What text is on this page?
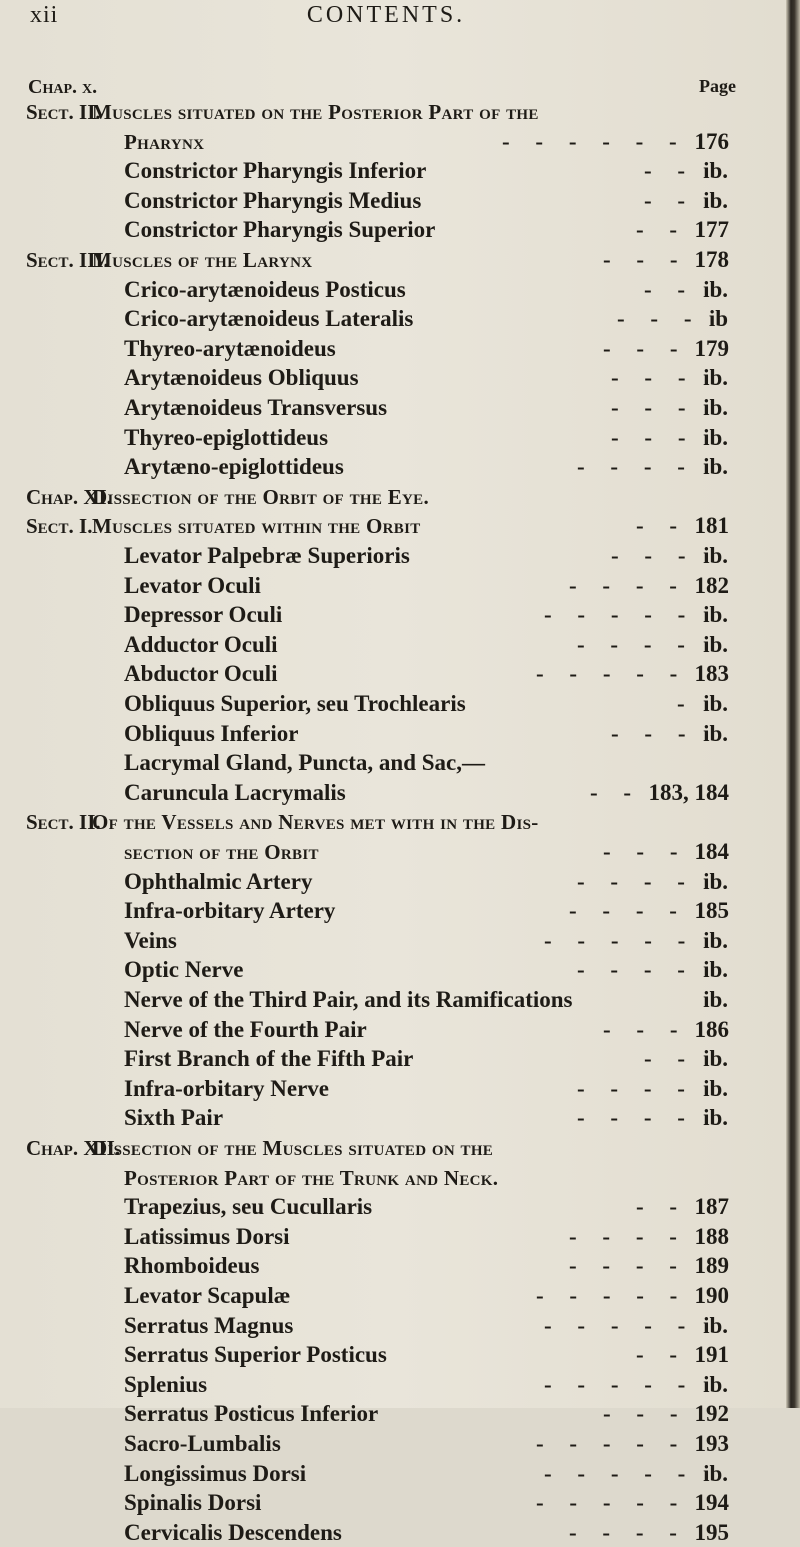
xii	CONTENTS.
Chap. x.	Page
Sect. II.
Muscles situated on the Posterior Part of the
Pharynx	176
- - - - - -
Constrictor Pharyngis Inferior	ib.
- -
Constrictor Pharyngis Medius	ib.
- -
Constrictor Pharyngis Superior	177
- -
Sect. III.
Muscles of the Larynx	178
- - -
Crico-arytænoideus Posticus	ib.
- -
Crico-arytænoideus Lateralis	ib
- - -
Thyreo-arytænoideus	179
- - -
Arytænoideus Obliquus	ib.
- - -
Arytænoideus Transversus	ib.
- - -
Thyreo-epiglottideus	ib.
- - -
Arytæno-epiglottideus	ib.
- - - -
Chap. XI.
Dissection of the Orbit of the Eye.
Sect. I. Muscles situated within the Orbit	181
- -
Levator Palpebræ Superioris	ib.
- - -
Levator Oculi	182
- - - -
Depressor Oculi	ib.
- - - - -
Adductor Oculi	ib.
- - - -
Abductor Oculi	183
- - - - -
Obliquus Superior, seu Trochlearis	ib.
-
Obliquus Inferior	ib.
- - -
Lacrymal Gland, Puncta, and Sac,—
Caruncula Lacrymalis	183, 184
- -
Sect. II.
Of the Vessels and Nerves met with in the Dis-
section of the Orbit	184
- - -
Ophthalmic Artery	ib.
- - - -
Infra-orbitary Artery	185
- - - -
Veins	ib.
- - - - -
Optic Nerve	ib.
- - - -
Nerve of the Third Pair, and its Ramifications	ib.
Nerve of the Fourth Pair	186
- - -
First Branch of the Fifth Pair	ib.
- -
Infra-orbitary Nerve	ib.
- - - -
Sixth Pair	ib.
- - - -
Chap. XII.
Dissection of the Muscles situated on the
Posterior Part of the Trunk and Neck.
Trapezius, seu Cucullaris	187
- -
Latissimus Dorsi	188
- - - -
Rhomboideus	189
- - - -
Levator Scapulæ	190
- - - - -
Serratus Magnus	ib.
- - - - -
Serratus Superior Posticus	191
- -
Splenius	ib.
- - - - -
Serratus Posticus Inferior	192
- - -
Sacro-Lumbalis	193
- - - - -
Longissimus Dorsi	ib.
- - - - -
Spinalis Dorsi	194
- - - - -
Cervicalis Descendens	195
- - - -
